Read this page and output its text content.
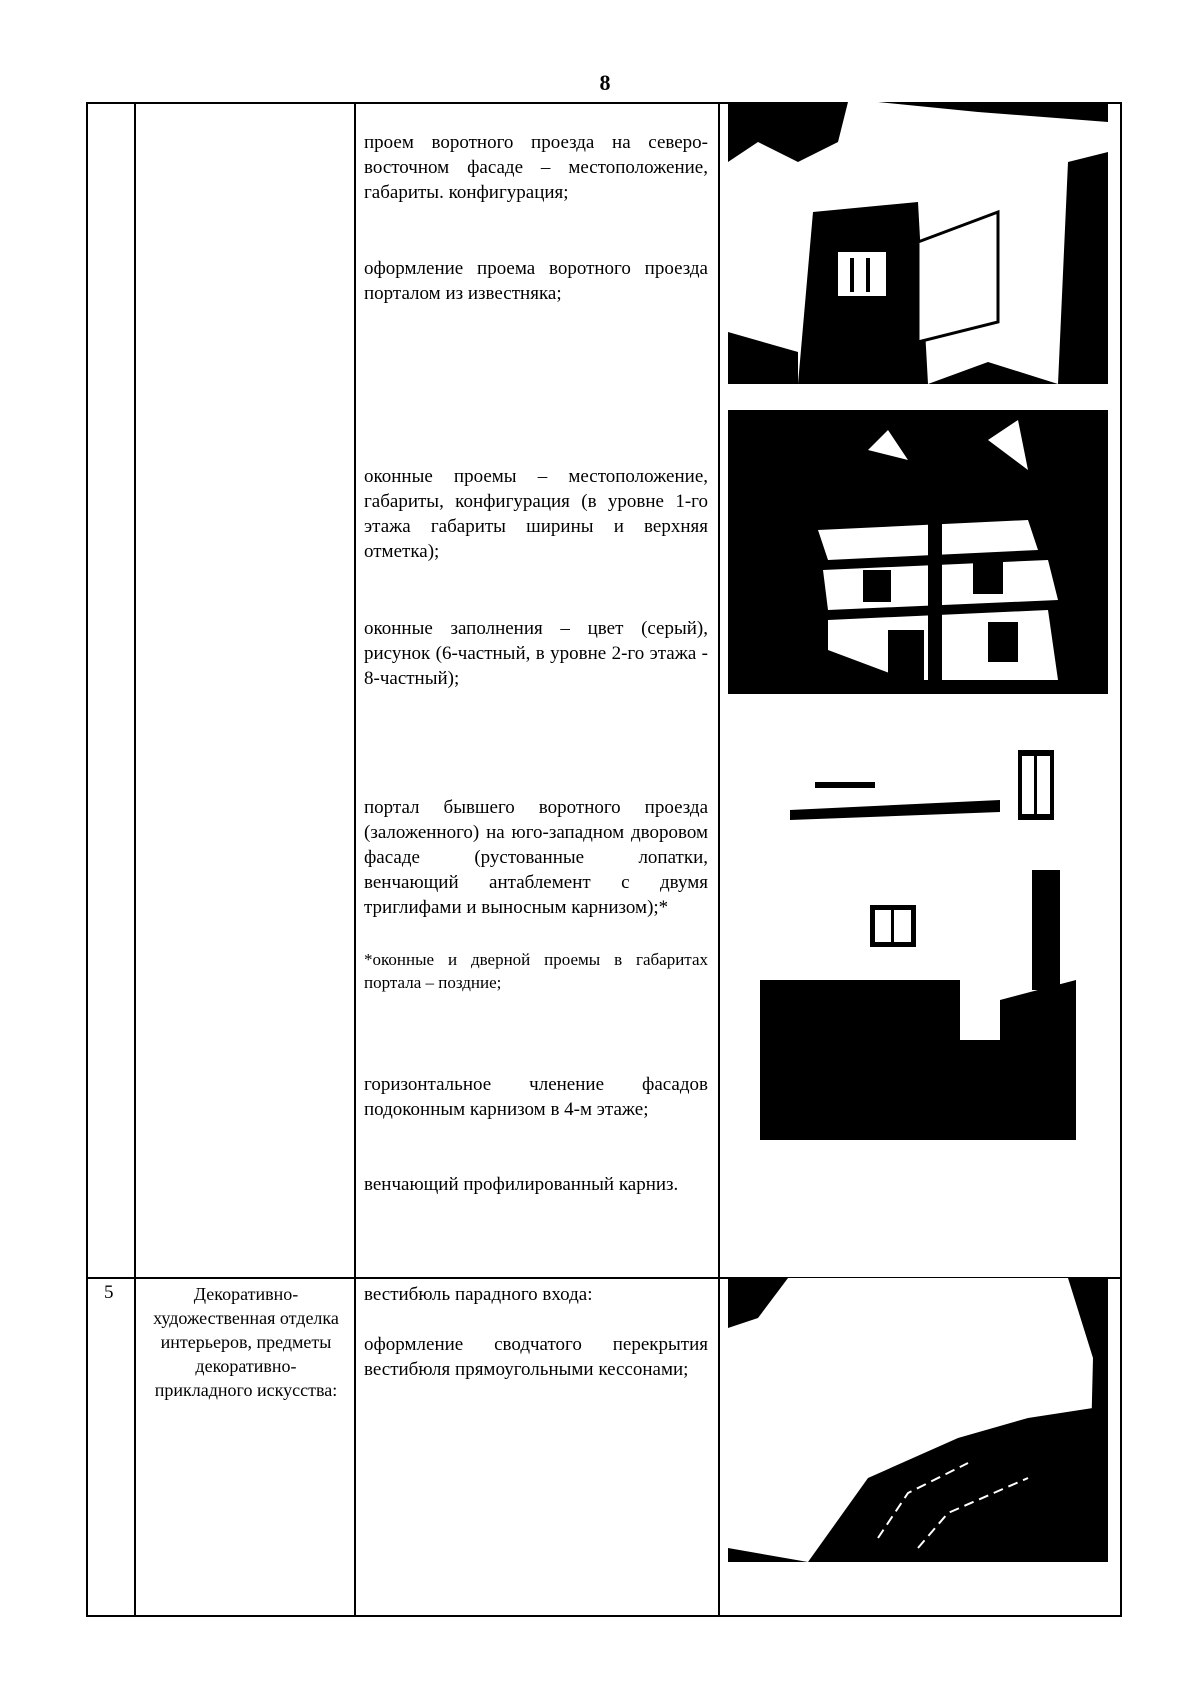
8

проем воротного проезда на северо-восточном фасаде – местоположение, габариты. конфигурация;

оформление проема воротного проезда порталом из известняка;

оконные проемы – местоположение, габариты, конфигурация (в уровне 1-го этажа габариты ширины и верхняя отметка);

оконные заполнения – цвет (серый), рисунок (6-частный, в уровне 2-го этажа - 8-частный);

портал бывшего воротного проезда (заложенного) на юго-западном дворовом фасаде (рустованные лопатки, венчающий антаблемент с двумя триглифами и выносным карнизом);*

*оконные и дверной проемы в габаритах портала – поздние;

горизонтальное членение фасадов подоконным карнизом в 4-м этаже;

венчающий профилированный карниз.

5	Декоративно-художественная отделка интерьеров, предметы декоративно-прикладного искусства:

вестибюль парадного входа:

оформление сводчатого перекрытия вестибюля прямоугольными кессонами;
